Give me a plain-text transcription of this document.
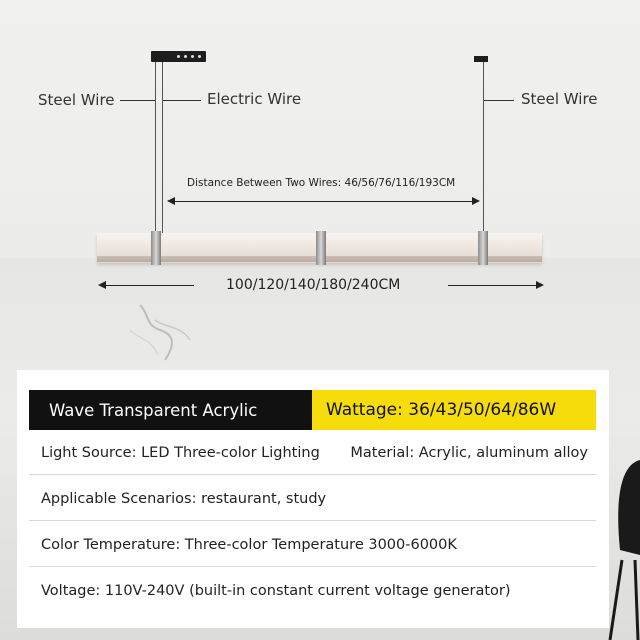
Steel Wire	Electric Wire	Steel Wire
Distance Between Two Wires: 46/56/76/116/193CM
100/120/140/180/240CM
Wave Transparent Acrylic	Wattage: 36/43/50/64/86W
Light Source: LED Three-color Lighting Material: Acrylic, aluminum alloy
Applicable Scenarios: restaurant, study
Color Temperature: Three-color Temperature 3000-6000K
Voltage: 110V-240V (built-in constant current voltage generator)
